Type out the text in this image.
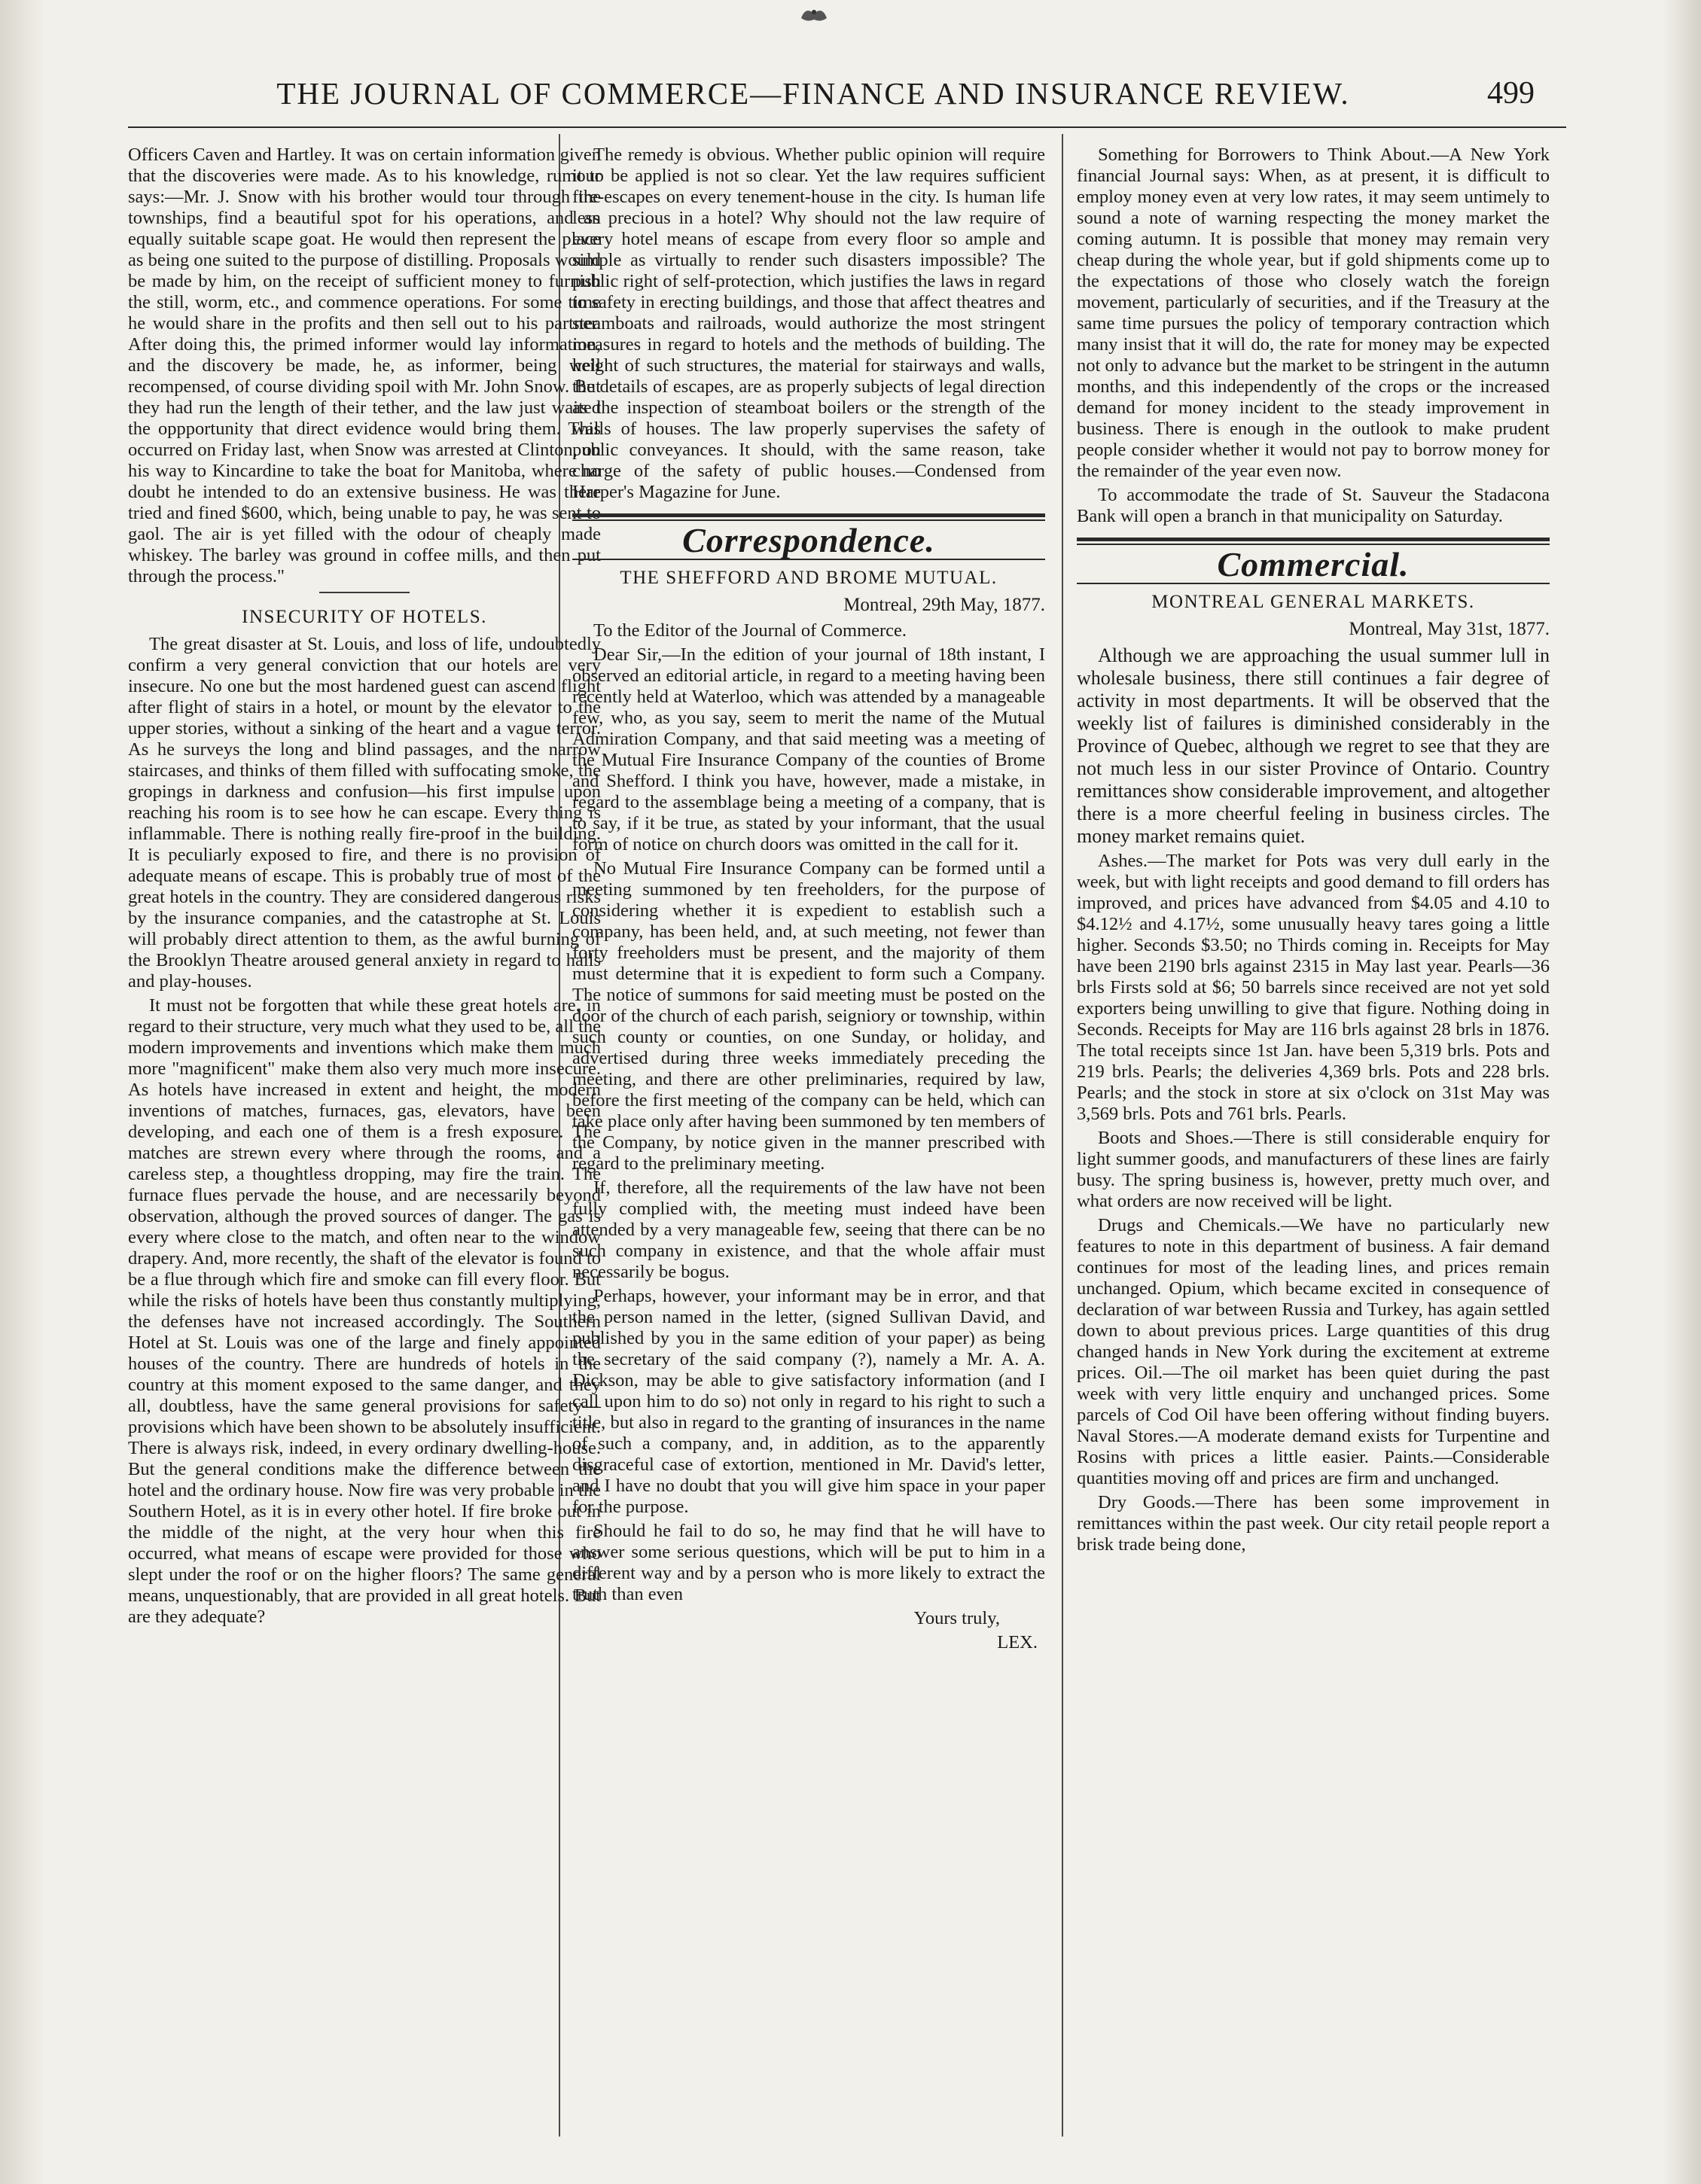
THE JOURNAL OF COMMERCE—FINANCE AND INSURANCE REVIEW.	499

Officers Caven and Hartley. It was on certain information given that the discoveries were made. As to his knowledge, rumour says:—Mr. J. Snow with his brother would tour through the townships, find a beautiful spot for his operations, and an equally suitable scape goat. He would then represent the place as being one suited to the purpose of distilling. Proposals would be made by him, on the receipt of sufficient money to furnish the still, worm, etc., and commence operations. For some time he would share in the profits and then sell out to his partner. After doing this, the primed informer would lay information, and the discovery be made, he, as informer, being well recompensed, of course dividing spoil with Mr. John Snow. But they had run the length of their tether, and the law just waited the oppportunity that direct evidence would bring them. This occurred on Friday last, when Snow was arrested at Clinton, on his way to Kincardine to take the boat for Manitoba, where no doubt he intended to do an extensive business. He was there tried and fined $600, which, being unable to pay, he was sent to gaol. The air is yet filled with the odour of cheaply made whiskey. The barley was ground in coffee mills, and then put through the process."

INSECURITY OF HOTELS.

The great disaster at St. Louis, and loss of life, undoubtedly confirm a very general conviction that our hotels are very insecure. No one but the most hardened guest can ascend flight after flight of stairs in a hotel, or mount by the elevator to the upper stories, without a sinking of the heart and a vague terror. As he surveys the long and blind passages, and the narrow staircases, and thinks of them filled with suffocating smoke, the gropings in darkness and confusion—his first impulse upon reaching his room is to see how he can escape. Every thing is inflammable. There is nothing really fire-proof in the building. It is peculiarly exposed to fire, and there is no provision of adequate means of escape. This is probably true of most of the great hotels in the country. They are considered dangerous risks by the insurance companies, and the catastrophe at St. Louis will probably direct attention to them, as the awful burning of the Brooklyn Theatre aroused general anxiety in regard to halls and play-houses.

It must not be forgotten that while these great hotels are, in regard to their structure, very much what they used to be, all the modern improvements and inventions which make them much more "magnificent" make them also very much more insecure. As hotels have increased in extent and height, the modern inventions of matches, furnaces, gas, elevators, have been developing, and each one of them is a fresh exposure. The matches are strewn every where through the rooms, and a careless step, a thoughtless dropping, may fire the train. The furnace flues pervade the house, and are necessarily beyond observation, although the proved sources of danger. The gas is every where close to the match, and often near to the window drapery. And, more recently, the shaft of the elevator is found to be a flue through which fire and smoke can fill every floor. But while the risks of hotels have been thus constantly multiplying, the defenses have not increased accordingly. The Southern Hotel at St. Louis was one of the large and finely appointed houses of the country. There are hundreds of hotels in the country at this moment exposed to the same danger, and they all, doubtless, have the same general provisions for safety—provisions which have been shown to be absolutely insufficient. There is always risk, indeed, in every ordinary dwelling-house. But the general conditions make the difference between the hotel and the ordinary house. Now fire was very probable in the Southern Hotel, as it is in every other hotel. If fire broke out in the middle of the night, at the very hour when this fire occurred, what means of escape were provided for those who slept under the roof or on the higher floors? The same general means, unquestionably, that are provided in all great hotels. But are they adequate?

The remedy is obvious. Whether public opinion will require it to be applied is not so clear. Yet the law requires sufficient fire-escapes on every tenement-house in the city. Is human life less precious in a hotel? Why should not the law require of every hotel means of escape from every floor so ample and simple as virtually to render such disasters impossible? The public right of self-protection, which justifies the laws in regard to safety in erecting buildings, and those that affect theatres and steamboats and railroads, would authorize the most stringent measures in regard to hotels and the methods of building. The height of such structures, the material for stairways and walls, the details of escapes, are as properly subjects of legal direction as the inspection of steamboat boilers or the strength of the walls of houses. The law properly supervises the safety of public conveyances. It should, with the same reason, take charge of the safety of public houses.—Condensed from Harper's Magazine for June.

Correspondence.
THE SHEFFORD AND BROME MUTUAL.
Montreal, 29th May, 1877.

To the Editor of the Journal of Commerce.

Dear Sir,—In the edition of your journal of 18th instant, I observed an editorial article, in regard to a meeting having been recently held at Waterloo, which was attended by a manageable few, who, as you say, seem to merit the name of the Mutual Admiration Company, and that said meeting was a meeting of the Mutual Fire Insurance Company of the counties of Brome and Shefford. I think you have, however, made a mistake, in regard to the assemblage being a meeting of a company, that is to say, if it be true, as stated by your informant, that the usual form of notice on church doors was omitted in the call for it.

No Mutual Fire Insurance Company can be formed until a meeting summoned by ten freeholders, for the purpose of considering whether it is expedient to establish such a company, has been held, and, at such meeting, not fewer than forty freeholders must be present, and the majority of them must determine that it is expedient to form such a Company. The notice of summons for said meeting must be posted on the door of the church of each parish, seigniory or township, within such county or counties, on one Sunday, or holiday, and advertised during three weeks immediately preceding the meeting, and there are other preliminaries, required by law, before the first meeting of the company can be held, which can take place only after having been summoned by ten members of the Company, by notice given in the manner prescribed with regard to the preliminary meeting.

If, therefore, all the requirements of the law have not been fully complied with, the meeting must indeed have been attended by a very manageable few, seeing that there can be no such company in existence, and that the whole affair must necessarily be bogus.

Perhaps, however, your informant may be in error, and that the person named in the letter, (signed Sullivan David, and published by you in the same edition of your paper) as being the secretary of the said company (?), namely a Mr. A. A. Dickson, may be able to give satisfactory information (and I call upon him to do so) not only in regard to his right to such a title, but also in regard to the granting of insurances in the name of such a company, and, in addition, as to the apparently disgraceful case of extortion, mentioned in Mr. David's letter, and I have no doubt that you will give him space in your paper for the purpose.

Should he fail to do so, he may find that he will have to answer some serious questions, which will be put to him in a different way and by a person who is more likely to extract the truth than even

Yours truly,

LEX.

Something for Borrowers to Think About.—A New York financial Journal says: When, as at present, it is difficult to employ money even at very low rates, it may seem untimely to sound a note of warning respecting the money market the coming autumn. It is possible that money may remain very cheap during the whole year, but if gold shipments come up to the expectations of those who closely watch the foreign movement, particularly of securities, and if the Treasury at the same time pursues the policy of temporary contraction which many insist that it will do, the rate for money may be expected not only to advance but the market to be stringent in the autumn months, and this independently of the crops or the increased demand for money incident to the steady improvement in business. There is enough in the outlook to make prudent people consider whether it would not pay to borrow money for the remainder of the year even now.

To accommodate the trade of St. Sauveur the Stadacona Bank will open a branch in that municipality on Saturday.

Commercial.
MONTREAL GENERAL MARKETS.
Montreal, May 31st, 1877.

Although we are approaching the usual summer lull in wholesale business, there still continues a fair degree of activity in most departments. It will be observed that the weekly list of failures is diminished considerably in the Province of Quebec, although we regret to see that they are not much less in our sister Province of Ontario. Country remittances show considerable improvement, and altogether there is a more cheerful feeling in business circles. The money market remains quiet.

Ashes.—The market for Pots was very dull early in the week, but with light receipts and good demand to fill orders has improved, and prices have advanced from $4.05 and 4.10 to $4.12½ and 4.17½, some unusually heavy tares going a little higher. Seconds $3.50; no Thirds coming in. Receipts for May have been 2190 brls against 2315 in May last year. Pearls—36 brls Firsts sold at $6; 50 barrels since received are not yet sold exporters being unwilling to give that figure. Nothing doing in Seconds. Receipts for May are 116 brls against 28 brls in 1876. The total receipts since 1st Jan. have been 5,319 brls. Pots and 219 brls. Pearls; the deliveries 4,369 brls. Pots and 228 brls. Pearls; and the stock in store at six o'clock on 31st May was 3,569 brls. Pots and 761 brls. Pearls.

Boots and Shoes.—There is still considerable enquiry for light summer goods, and manufacturers of these lines are fairly busy. The spring business is, however, pretty much over, and what orders are now received will be light.

Drugs and Chemicals.—We have no particularly new features to note in this department of business. A fair demand continues for most of the leading lines, and prices remain unchanged. Opium, which became excited in consequence of declaration of war between Russia and Turkey, has again settled down to about previous prices. Large quantities of this drug changed hands in New York during the excitement at extreme prices. Oil.—The oil market has been quiet during the past week with very little enquiry and unchanged prices. Some parcels of Cod Oil have been offering without finding buyers. Naval Stores.—A moderate demand exists for Turpentine and Rosins with prices a little easier. Paints.—Considerable quantities moving off and prices are firm and unchanged.

Dry Goods.—There has been some improvement in remittances within the past week. Our city retail people report a brisk trade being done,
